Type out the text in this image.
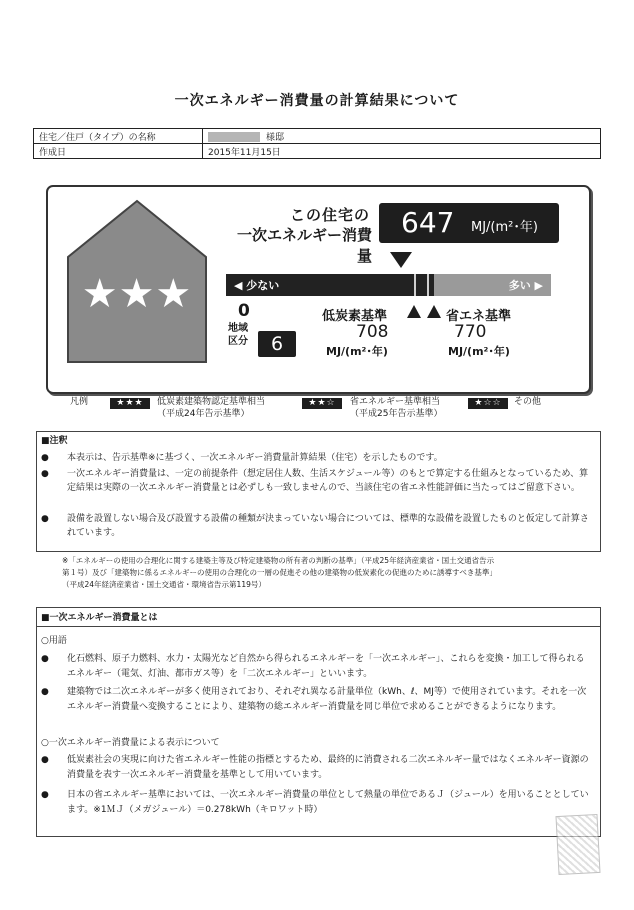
一次エネルギー消費量の計算結果について
住宅／住戸（タイプ）の名称	様邸
作成日	2015年11月15日
★★★
この住宅の
一次エネルギー消費量
647 MJ/(m²･年)
◀ 少ない	多い ▶
0
地域
区分	6
低炭素基準	省エネ基準
708	770
MJ/(m²･年)	MJ/(m²･年)
凡例	★★★	低炭素建築物認定基準相当
（平成24年告示基準）
★★☆	省エネルギー基準相当
（平成25年告示基準）
★☆☆	その他
■注釈
●	本表示は、告示基準※に基づく、一次エネルギー消費量計算結果（住宅）を示したものです。
●	一次エネルギー消費量は、一定の前提条件（想定居住人数、生活スケジュール等）のもとで算定する仕組みとなっているため、算定結果は実際の一次エネルギー消費量とは必ずしも一致しませんので、当該住宅の省エネ性能評価に当たってはご留意下さい。
●	設備を設置しない場合及び設置する設備の種類が決まっていない場合については、標準的な設備を設置したものと仮定して計算されています。
※「エネルギーの使用の合理化に関する建築主等及び特定建築物の所有者の判断の基準」（平成25年経済産業省・国土交通省告示
第１号）及び「建築物に係るエネルギーの使用の合理化の一層の促進その他の建築物の低炭素化の促進のために誘導すべき基準」
（平成24年経済産業省・国土交通省・環境省告示第119号）
■一次エネルギー消費量とは
○用語
●	化石燃料、原子力燃料、水力・太陽光など自然から得られるエネルギーを「一次エネルギー」、これらを変換・加工して得られるエネルギー（電気、灯油、都市ガス等）を「二次エネルギー」といいます。
●	建築物では二次エネルギーが多く使用されており、それぞれ異なる計量単位（kWh、ℓ、MJ等）で使用されています。それを一次エネルギー消費量へ変換することにより、建築物の総エネルギー消費量を同じ単位で求めることができるようになります。
○一次エネルギー消費量による表示について
●	低炭素社会の実現に向けた省エネルギー性能の指標とするため、最終的に消費される二次エネルギー量ではなくエネルギー資源の消費量を表す一次エネルギー消費量を基準として用いています。
●	日本の省エネルギー基準においては、一次エネルギー消費量の単位として熱量の単位であるＪ（ジュール）を用いることとしています。※1ＭＪ（メガジュール）＝0.278kWh（キロワット時）
